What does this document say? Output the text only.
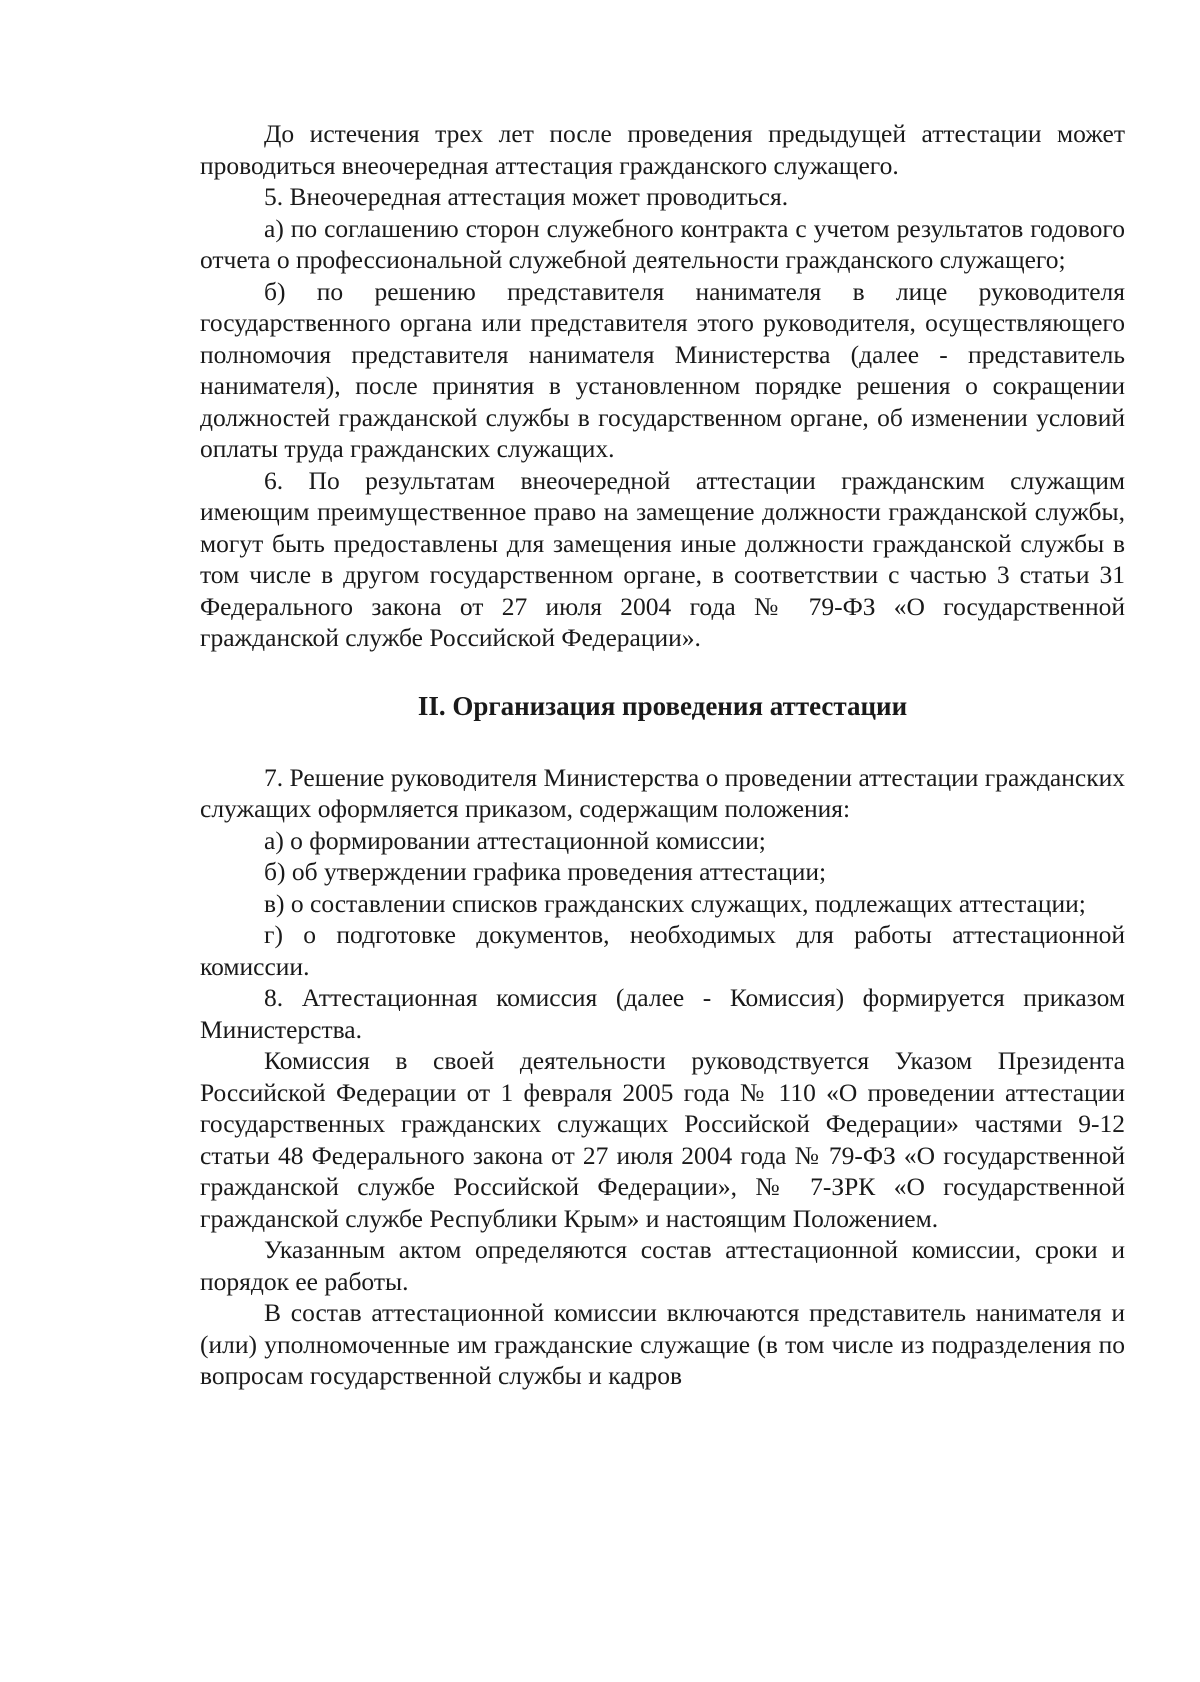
До истечения трех лет после проведения предыдущей аттестации может проводиться внеочередная аттестация гражданского служащего.

5. Внеочередная аттестация может проводиться.

а) по соглашению сторон служебного контракта с учетом результатов годового отчета о профессиональной служебной деятельности гражданского служащего;

б) по решению представителя нанимателя в лице руководителя государственного органа или представителя этого руководителя, осуществляющего полномочия представителя нанимателя Министерства (далее - представитель нанимателя), после принятия в установленном порядке решения о сокращении должностей гражданской службы в государственном органе, об изменении условий оплаты труда гражданских служащих.

6. По результатам внеочередной аттестации гражданским служащим имеющим преимущественное право на замещение должности гражданской службы, могут быть предоставлены для замещения иные должности гражданской службы в том числе в другом государственном органе, в соответствии с частью 3 статьи 31 Федерального закона от 27 июля 2004 года № 79-ФЗ «О государственной гражданской службе Российской Федерации».

II. Организация проведения аттестации

7. Решение руководителя Министерства о проведении аттестации гражданских служащих оформляется приказом, содержащим положения:

а) о формировании аттестационной комиссии;

б) об утверждении графика проведения аттестации;

в) о составлении списков гражданских служащих, подлежащих аттестации;

г) о подготовке документов, необходимых для работы аттестационной комиссии.

8. Аттестационная комиссия (далее - Комиссия) формируется приказом Министерства.

Комиссия в своей деятельности руководствуется Указом Президента Российской Федерации от 1 февраля 2005 года № 110 «О проведении аттестации государственных гражданских служащих Российской Федерации» частями 9-12 статьи 48 Федерального закона от 27 июля 2004 года № 79-ФЗ «О государственной гражданской службе Российской Федерации», № 7-ЗРК «О государственной гражданской службе Республики Крым» и настоящим Положением.

Указанным актом определяются состав аттестационной комиссии, сроки и порядок ее работы.

В состав аттестационной комиссии включаются представитель нанимателя и (или) уполномоченные им гражданские служащие (в том числе из подразделения по вопросам государственной службы и кадров
